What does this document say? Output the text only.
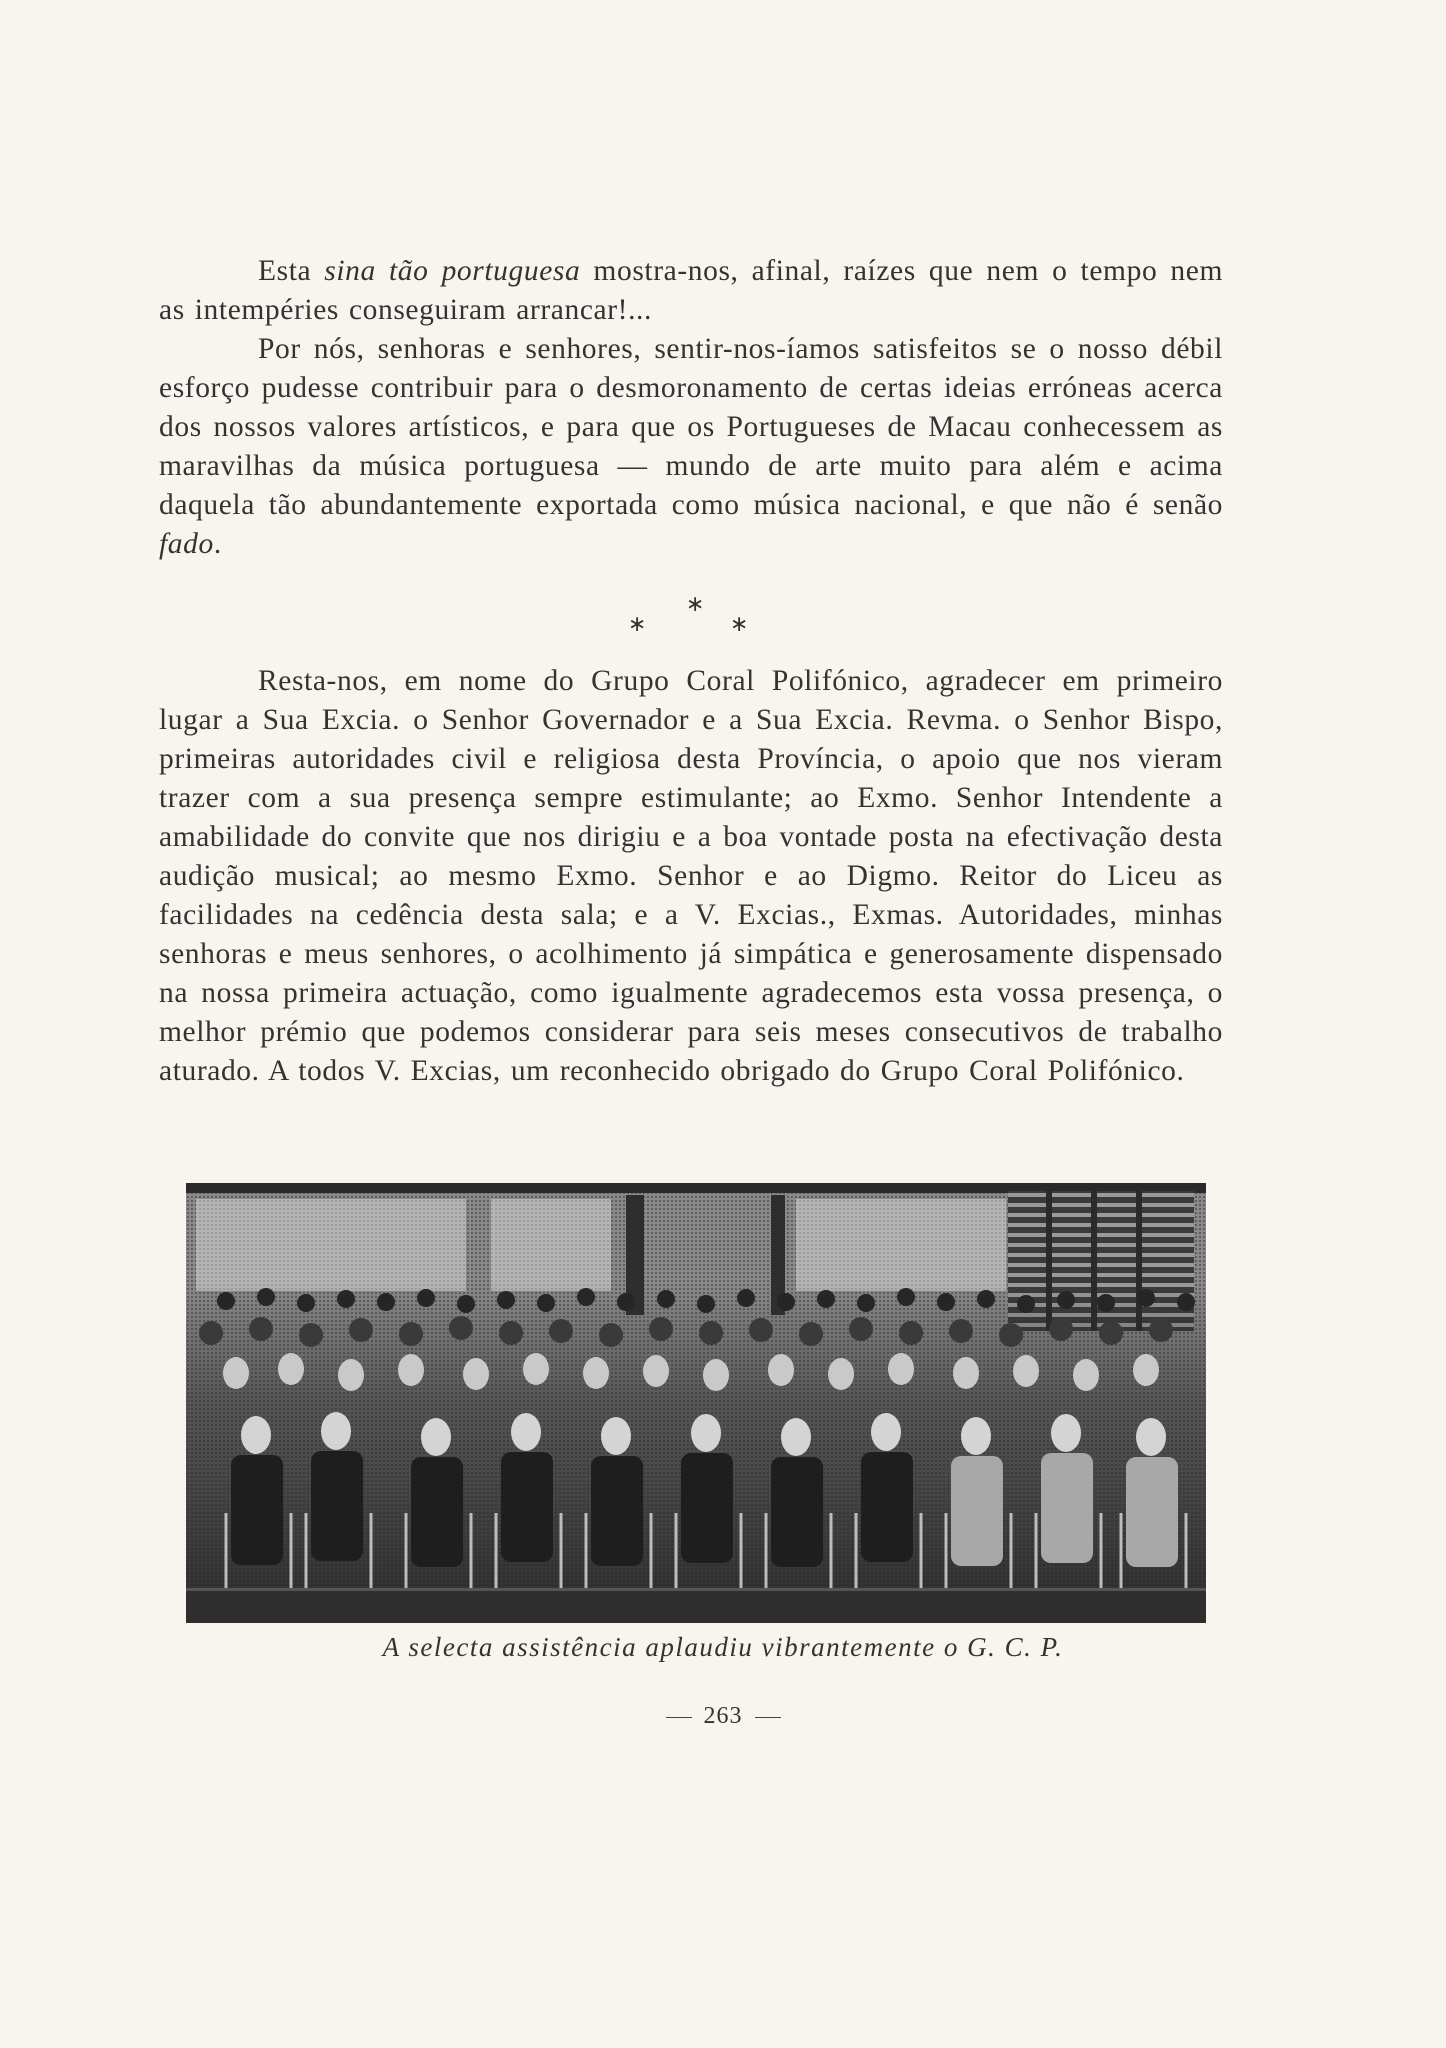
Esta sina tão portuguesa mostra-nos, afinal, raízes que nem o tempo nem as intempéries conseguiram arrancar!...

Por nós, senhoras e senhores, sentir-nos-íamos satisfeitos se o nosso débil esforço pudesse contribuir para o desmoronamento de certas ideias erróneas acerca dos nossos valores artísticos, e para que os Portugueses de Macau conhecessem as maravilhas da música portuguesa — mundo de arte muito para além e acima daquela tão abundantemente exportada como música nacional, e que não é senão fado.

∗
∗	∗

Resta-nos, em nome do Grupo Coral Polifónico, agradecer em primeiro lugar a Sua Excia. o Senhor Governador e a Sua Excia. Revma. o Senhor Bispo, primeiras autoridades civil e religiosa desta Província, o apoio que nos vieram trazer com a sua presença sempre estimulante; ao Exmo. Senhor Intendente a amabilidade do convite que nos dirigiu e a boa vontade posta na efectivação desta audição musical; ao mesmo Exmo. Senhor e ao Digmo. Reitor do Liceu as facilidades na cedência desta sala; e a V. Excias., Exmas. Autoridades, minhas senhoras e meus senhores, o acolhimento já simpática e generosamente dispensado na nossa primeira actuação, como igualmente agradecemos esta vossa presença, o melhor prémio que podemos considerar para seis meses consecutivos de trabalho aturado. A todos V. Excias, um reconhecido obrigado do Grupo Coral Polifónico.

A selecta assistência aplaudiu vibrantemente o G. C. P.
263
